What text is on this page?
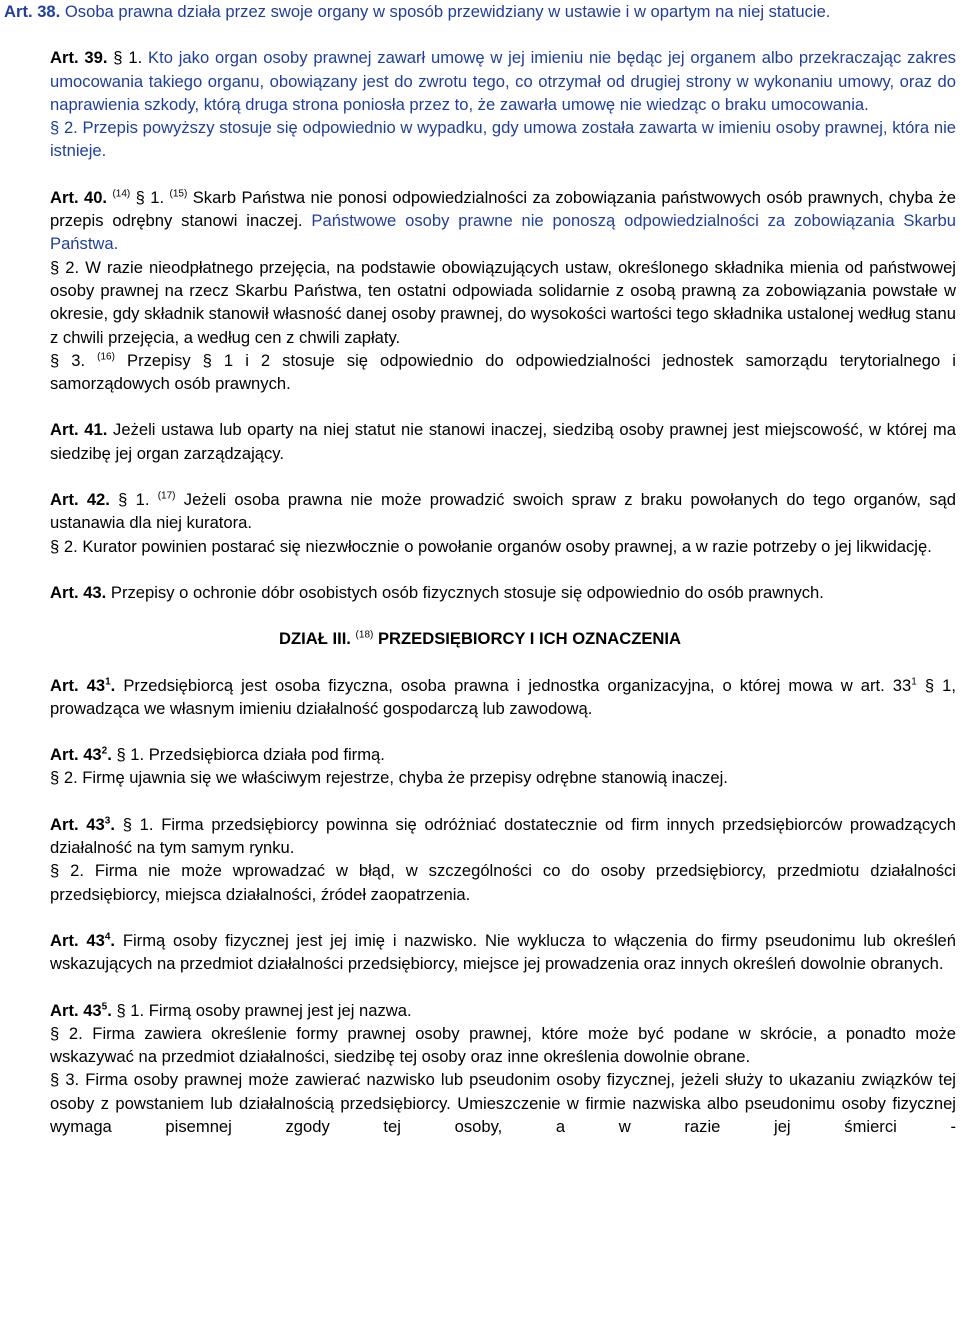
Art. 38. Osoba prawna działa przez swoje organy w sposób przewidziany w ustawie i w opartym na niej statucie.

Art. 39. § 1. Kto jako organ osoby prawnej zawarł umowę w jej imieniu nie będąc jej organem albo przekraczając zakres umocowania takiego organu, obowiązany jest do zwrotu tego, co otrzymał od drugiej strony w wykonaniu umowy, oraz do naprawienia szkody, którą druga strona poniosła przez to, że zawarła umowę nie wiedząc o braku umocowania.

§ 2. Przepis powyższy stosuje się odpowiednio w wypadku, gdy umowa została zawarta w imieniu osoby prawnej, która nie istnieje.

Art. 40. $^{(14)}$ § 1. $^{(15)}$ Skarb Państwa nie ponosi odpowiedzialności za zobowiązania państwowych osób prawnych, chyba że przepis odrębny stanowi inaczej. Państwowe osoby prawne nie ponoszą odpowiedzialności za zobowiązania Skarbu Państwa.

§ 2. W razie nieodpłatnego przejęcia, na podstawie obowiązujących ustaw, określonego składnika mienia od państwowej osoby prawnej na rzecz Skarbu Państwa, ten ostatni odpowiada solidarnie z osobą prawną za zobowiązania powstałe w okresie, gdy składnik stanowił własność danej osoby prawnej, do wysokości wartości tego składnika ustalonej według stanu z chwili przejęcia, a według cen z chwili zapłaty.

§ 3. $^{(16)}$ Przepisy § 1 i 2 stosuje się odpowiednio do odpowiedzialności jednostek samorządu terytorialnego i samorządowych osób prawnych.

Art. 41. Jeżeli ustawa lub oparty na niej statut nie stanowi inaczej, siedzibą osoby prawnej jest miejscowość, w której ma siedzibę jej organ zarządzający.

Art. 42. § 1. $^{(17)}$ Jeżeli osoba prawna nie może prowadzić swoich spraw z braku powołanych do tego organów, sąd ustanawia dla niej kuratora.

§ 2. Kurator powinien postarać się niezwłocznie o powołanie organów osoby prawnej, a w razie potrzeby o jej likwidację.

Art. 43. Przepisy o ochronie dóbr osobistych osób fizycznych stosuje się odpowiednio do osób prawnych.

DZIAŁ III. $^{(18)}$ PRZEDSIĘBIORCY I ICH OZNACZENIA

Art. $43^1$. Przedsiębiorcą jest osoba fizyczna, osoba prawna i jednostka organizacyjna, o której mowa w art. $33^1$ § 1, prowadząca we własnym imieniu działalność gospodarczą lub zawodową.

Art. $43^2$. § 1. Przedsiębiorca działa pod firmą.

§ 2. Firmę ujawnia się we właściwym rejestrze, chyba że przepisy odrębne stanowią inaczej.

Art. $43^3$. § 1. Firma przedsiębiorcy powinna się odróżniać dostatecznie od firm innych przedsiębiorców prowadzących działalność na tym samym rynku.

§ 2. Firma nie może wprowadzać w błąd, w szczególności co do osoby przedsiębiorcy, przedmiotu działalności przedsiębiorcy, miejsca działalności, źródeł zaopatrzenia.

Art. $43^4$. Firmą osoby fizycznej jest jej imię i nazwisko. Nie wyklucza to włączenia do firmy pseudonimu lub określeń wskazujących na przedmiot działalności przedsiębiorcy, miejsce jej prowadzenia oraz innych określeń dowolnie obranych.

Art. $43^5$. § 1. Firmą osoby prawnej jest jej nazwa.

§ 2. Firma zawiera określenie formy prawnej osoby prawnej, które może być podane w skrócie, a ponadto może wskazywać na przedmiot działalności, siedzibę tej osoby oraz inne określenia dowolnie obrane.

§ 3. Firma osoby prawnej może zawierać nazwisko lub pseudonim osoby fizycznej, jeżeli służy to ukazaniu związków tej osoby z powstaniem lub działalnością przedsiębiorcy. Umieszczenie w firmie nazwiska albo pseudonimu osoby fizycznej wymaga pisemnej zgody tej osoby, a w razie jej śmierci -
